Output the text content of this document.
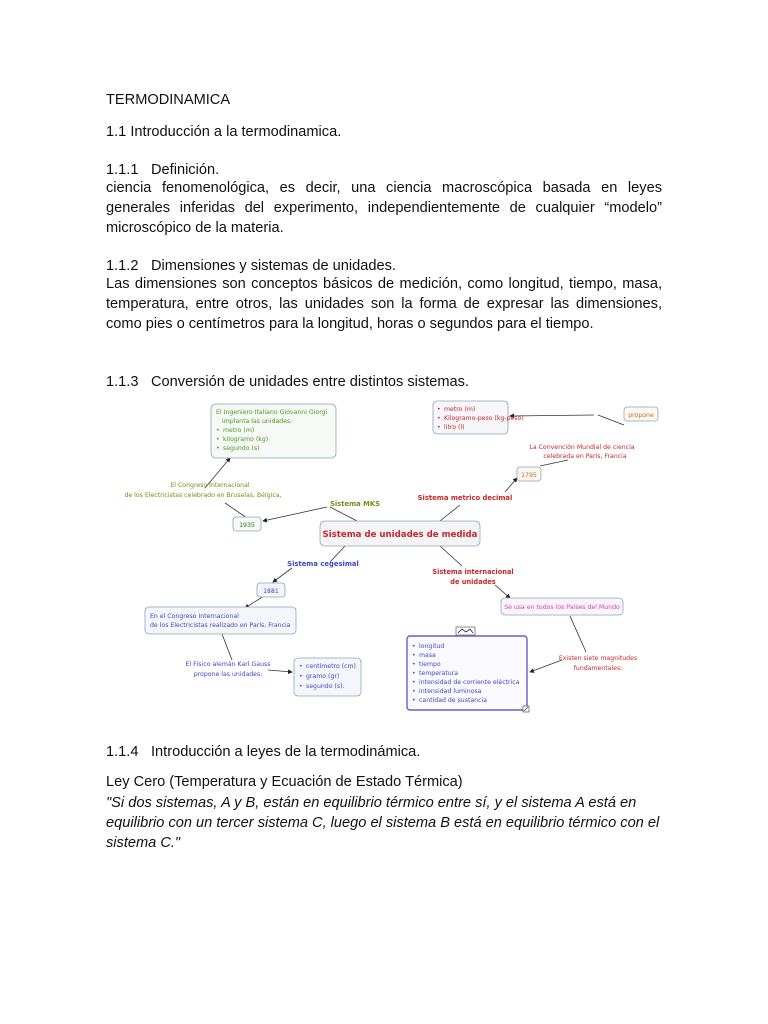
TERMODINAMICA

1.1 Introducción a la termodinamica.

1.1.1 Definición.

ciencia fenomenológica, es decir, una ciencia macroscópica basada en leyes generales inferidas del experimento, independientemente de cualquier “modelo” microscópico de la materia.

1.1.2 Dimensiones y sistemas de unidades.

Las dimensiones son conceptos básicos de medición, como longitud, tiempo, masa, temperatura, entre otros, las unidades son la forma de expresar las dimensiones, como pies o centímetros para la longitud, horas o segundos para el tiempo.

1.1.3 Conversión de unidades entre distintos sistemas.

1.1.4 Introducción a leyes de la termodinámica.

Ley Cero (Temperatura y Ecuación de Estado Térmica)

"Si dos sistemas, A y B, están en equilibrio térmico entre sí, y el sistema A está en equilibrio con un tercer sistema C, luego el sistema B está en equilibrio térmico con el sistema C."

Sistema de unidades de medida
El Ingeniero Italiano Giovanni Giorgi
implanta las unidades:
• metro (m)
• kilogramo (kg)
• segundo (s)
El Congreso Internacional
de los Electricistas celebrado en Bruselas, Bélgica,
1935
Sistema MKS
Sistema metrico decimal
• metro (m)
• Kilogramo-peso (kg-peso)
• litro (l)
propone
La Convención Mundial de ciencia
celebrada en París, Francia
1795
Sistema cegesimal
1881
En el Congreso Internacional
de los Electricistas realizado en París, Francia
El Físico alemán Karl Gauss
propone las unidades:
• centímetro (cm)
• gramo (gr)
• segundo (s).
Sistema internacional
de unidades
Se usa en todos los Países del Mundo
Existen siete magnitudes
fundamentales:
• longitud
• masa
• tiempo
• temperatura
• intensidad de corriente eléctrica
• intensidad luminosa
• cantidad de sustancia
